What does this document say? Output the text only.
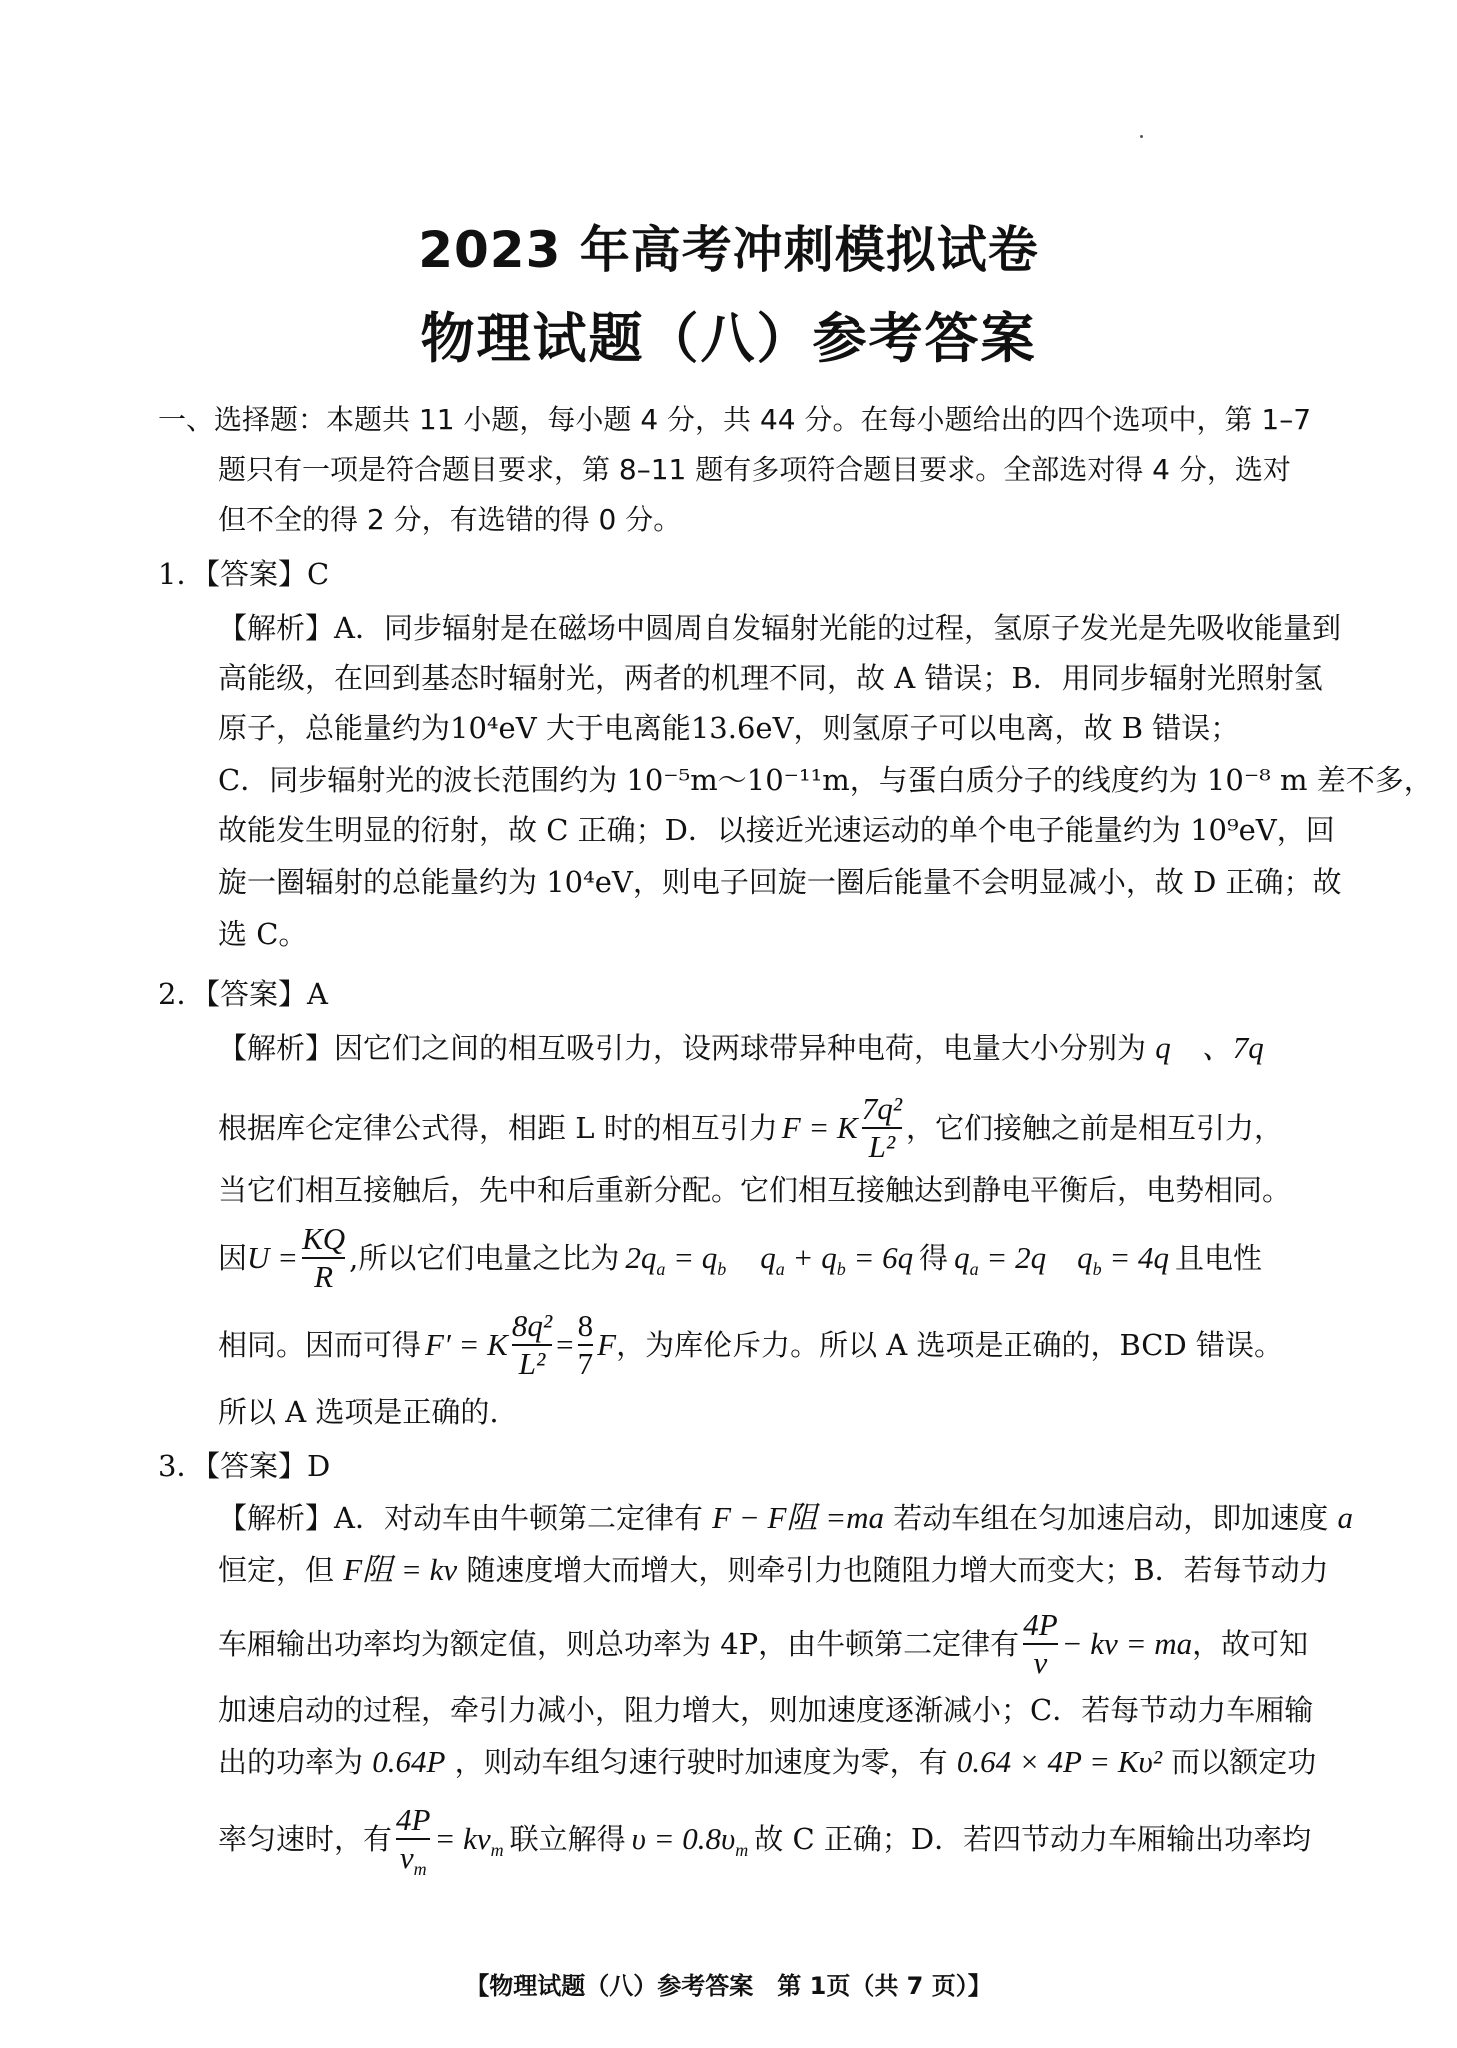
2023 年高考冲刺模拟试卷
物理试题（八）参考答案
一、选择题：本题共 11 小题，每小题 4 分，共 44 分。在每小题给出的四个选项中，第 1–7
题只有一项是符合题目要求，第 8–11 题有多项符合题目要求。全部选对得 4 分，选对
但不全的得 2 分，有选错的得 0 分。
1．【答案】C
【解析】A．同步辐射是在磁场中圆周自发辐射光能的过程，氢原子发光是先吸收能量到
高能级，在回到基态时辐射光，两者的机理不同，故 A 错误；B．用同步辐射光照射氢
原子，总能量约为10⁴eV 大于电离能13.6eV，则氢原子可以电离，故 B 错误；
C．同步辐射光的波长范围约为 10⁻⁵m～10⁻¹¹m，与蛋白质分子的线度约为 10⁻⁸ m 差不多，
故能发生明显的衍射，故 C 正确；D．以接近光速运动的单个电子能量约为 10⁹eV，回
旋一圈辐射的总能量约为 10⁴eV，则电子回旋一圈后能量不会明显减小，故 D 正确；故
选 C。
2．【答案】A
【解析】因它们之间的相互吸引力，设两球带异种电荷，电量大小分别为 q　、7q
根据库仑定律公式得，相距 L 时的相互引力 F = K $\frac{\text{7q²}}{\text{L²}}$ ，它们接触之前是相互引力，
当它们相互接触后，先中和后重新分配。它们相互接触达到静电平衡后，电势相同。
因 $U = \frac{KQ}{R}$ ,所以它们电量之比为 $2q_a = q_b$ $q_a + q_b = 6q$ 得 $q_a = 2q$　$q_b = 4q$ 且电性
相同。因而可得 F′ = K $\frac{\text{8q²}}{\text{L²}} = \frac{8}{7}$ F ，为库伦斥力。所以 A 选项是正确的，BCD 错误。
所以 A 选项是正确的.
3．【答案】D
【解析】A．对动车由牛顿第二定律有 F − F阻 =ma 若动车组在匀加速启动，即加速度 a
恒定，但 F阻 = kv 随速度增大而增大，则牵引力也随阻力增大而变大；B．若每节动力
车厢输出功率均为额定值，则总功率为 4P，由牛顿第二定律有 $\frac{4P}{v}$ − kv = ma ，故可知
加速启动的过程，牵引力减小，阻力增大，则加速度逐渐减小；C．若每节动力车厢输
出的功率为 0.64P ，则动车组匀速行驶时加速度为零，有 0.64 × 4P = Kυ² 而以额定功
率匀速时，有 $\frac{4P}{v_m} = kv_m$ 联立解得 $\upsilon = 0.8\upsilon_m$ 故 C 正确；D．若四节动力车厢输出功率均
【物理试题（八）参考答案　第 1页（共 7 页）】
